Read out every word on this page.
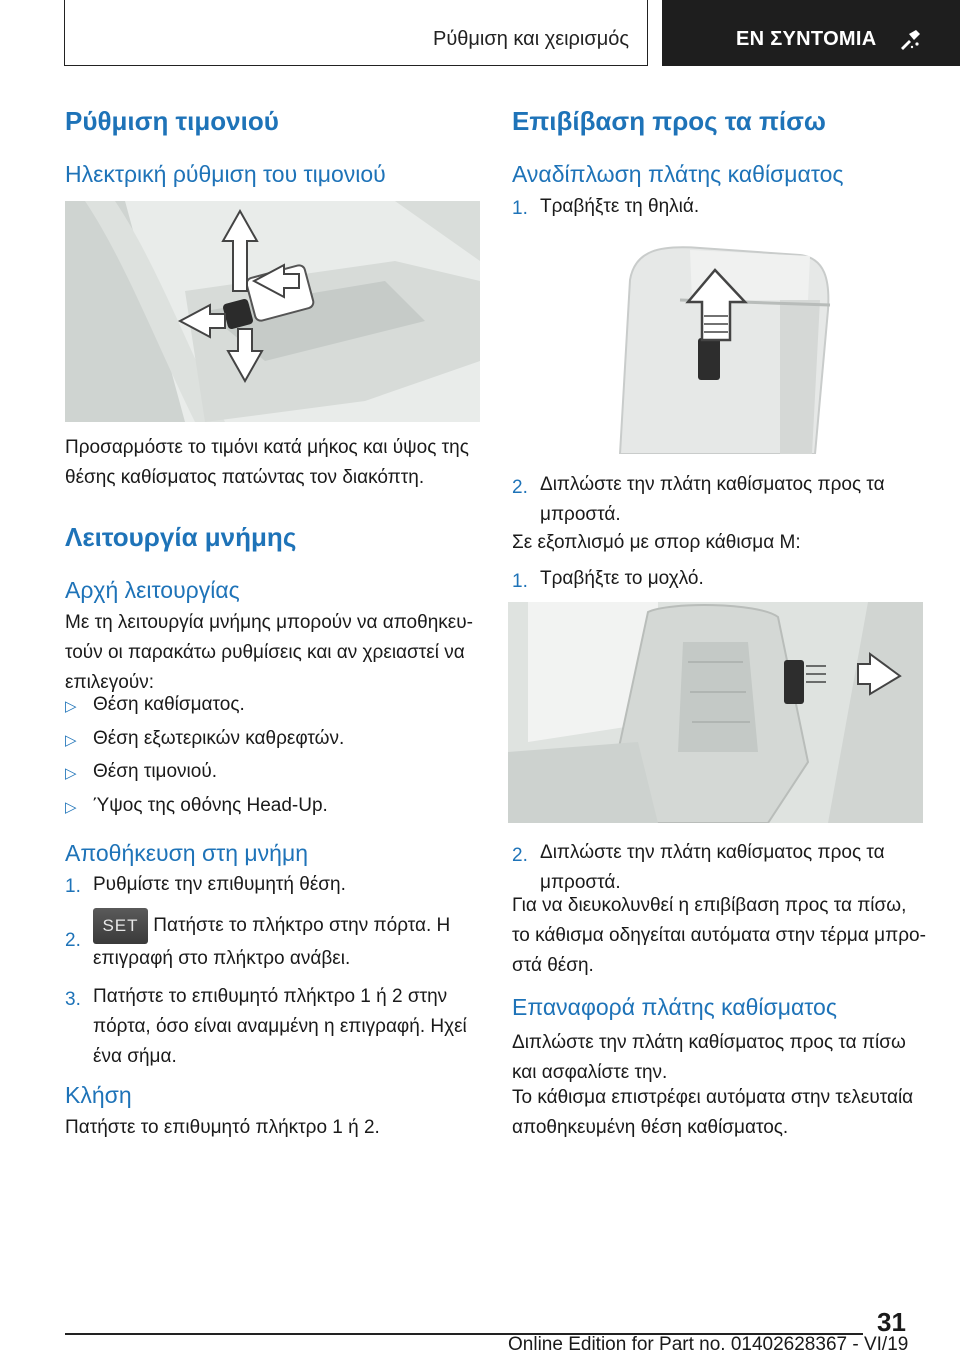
Ρύθμιση και χειρισμός	ΕΝ ΣΥΝΤΟΜΙΑ
Ρύθμιση τιμονιού
Ηλεκτρική ρύθμιση του τιμονιού
Προσαρμόστε το τιμόνι κατά μήκος και ύψος της θέσης καθίσματος πατώντας τον διακόπτη.
Λειτουργία μνήμης
Αρχή λειτουργίας
Με τη λειτουργία μνήμης μπορούν να αποθηκευ-τούν οι παρακάτω ρυθμίσεις και αν χρειαστεί να επιλεγούν:
▷ Θέση καθίσματος.
▷ Θέση εξωτερικών καθρεφτών.
▷ Θέση τιμονιού.
▷ Ύψος της οθόνης Head-Up.
Αποθήκευση στη μνήμη
1. Ρυθμίστε την επιθυμητή θέση.
2.
SET Πατήστε το πλήκτρο στην πόρτα. Η επιγραφή στο πλήκτρο ανάβει.
3. Πατήστε το επιθυμητό πλήκτρο 1 ή 2 στην πόρτα, όσο είναι αναμμένη η επιγραφή. Ηχεί ένα σήμα.
Κλήση
Πατήστε το επιθυμητό πλήκτρο 1 ή 2.
Επιβίβαση προς τα πίσω
Αναδίπλωση πλάτης καθίσματος
1. Τραβήξτε τη θηλιά.
2. Διπλώστε την πλάτη καθίσματος προς τα μπροστά.
Σε εξοπλισμό με σπορ κάθισμα M:
1. Τραβήξτε το μοχλό.
2. Διπλώστε την πλάτη καθίσματος προς τα μπροστά.
Για να διευκολυνθεί η επιβίβαση προς τα πίσω, το κάθισμα οδηγείται αυτόματα στην τέρμα μπρο-στά θέση.
Επαναφορά πλάτης καθίσματος
Διπλώστε την πλάτη καθίσματος προς τα πίσω και ασφαλίστε την.
Το κάθισμα επιστρέφει αυτόματα στην τελευταία αποθηκευμένη θέση καθίσματος.
31
Online Edition for Part no. 01402628367 - VI/19
